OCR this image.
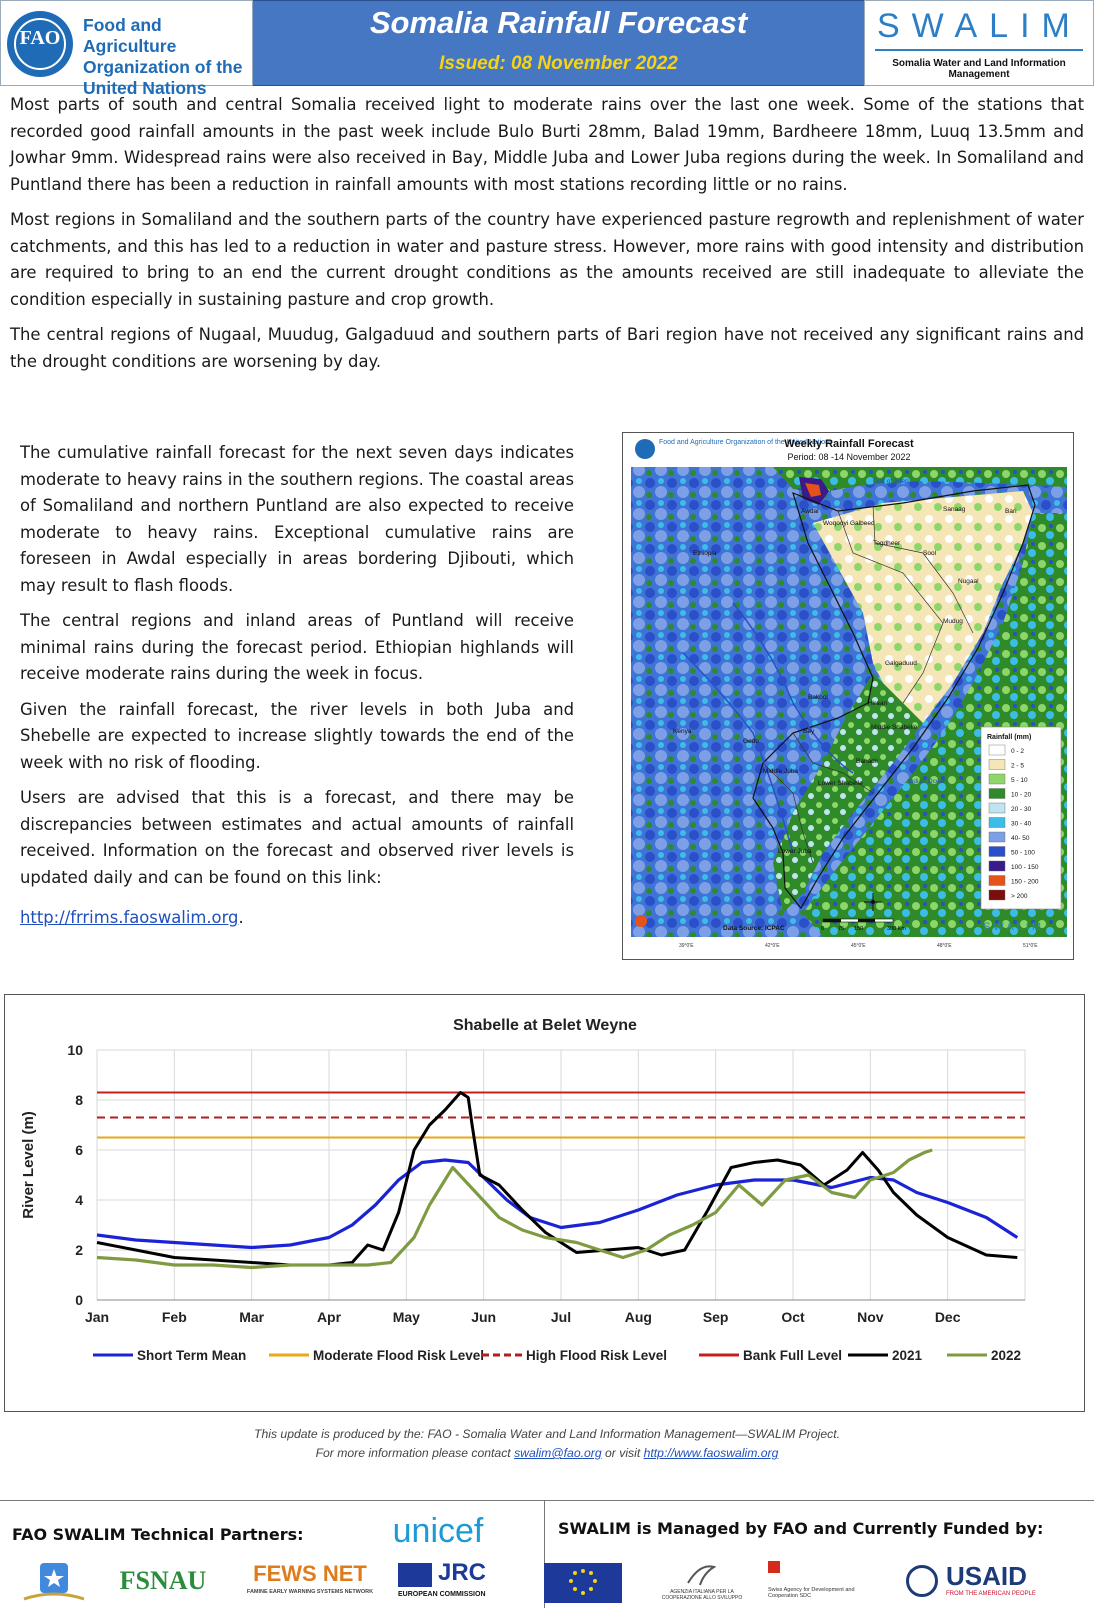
FAO
Food and Agriculture Organization of the United Nations
Somalia Rainfall Forecast
Issued: 08 November 2022
SWALIM
Somalia Water and Land Information Management

Most parts of south and central Somalia received light to moderate rains over the last one week. Some of the stations that recorded good rainfall amounts in the past week include Bulo Burti 28mm, Balad 19mm, Bardheere 18mm, Luuq 13.5mm and Jowhar 9mm. Widespread rains were also received in Bay, Middle Juba and Lower Juba regions during the week. In Somaliland and Puntland there has been a reduction in rainfall amounts with most stations recording little or no rains.

Most regions in Somaliland and the southern parts of the country have experienced pasture regrowth and replenishment of water catchments, and this has led to a reduction in water and pasture stress. However, more rains with good intensity and distribution are required to bring to an end the current drought conditions as the amounts received are still inadequate to alleviate the condition especially in sustaining pasture and crop growth.

The central regions of Nugaal, Muudug, Galgaduud and southern parts of Bari region have not received any significant rains and the drought conditions are worsening by day.

The cumulative rainfall forecast for the next seven days indicates moderate to heavy rains in the southern regions. The coastal areas of Somaliland and northern Puntland are also expected to receive moderate to heavy rains. Exceptional cumulative rains are foreseen in Awdal especially in areas bordering Djibouti, which may result to flash floods.

The central regions and inland areas of Puntland will receive minimal rains during the forecast period. Ethiopian highlands will receive moderate rains during the week in focus.

Given the rainfall forecast, the river levels in both Juba and Shebelle are expected to increase slightly towards the end of the week with no risk of flooding.

Users are advised that this is a forecast, and there may be discrepancies between estimates and actual amounts of rainfall received. Information on the forecast and observed river levels is updated daily and can be found on this link:

http://frrims.faoswalim.org.
Food and Agriculture Organization of the United Nations
Weekly Rainfall Forecast
Period: 08 -14 November 2022
Gulf of Aden
Awdal
Woqooyi Galbeed
Togdheer
Sanaag	Bari
Sool
Nugaal
Mudug
Galgaduud
Hiraan
Bakool
Bay
Gedo
Middle Juba
Lower Juba
Middle Shabelle
Lower Shabelle
Banadir
Indian Ocean
Ethiopia
Kenya
Rainfall (mm)
0 - 2
2 - 5
5 - 10
10 - 20
20 - 30
30 - 40
40- 50
50 - 100
100 - 150
150 - 200
> 200
Data Source: ICPAC	0	75 150	300 Km	SWALIM
39°0'E	42°0'E	45°0'E	48°0'E	51°0'E
Shabelle at Belet Weyne
River Level (m)
0
2
4
6
8
10
Jan	Feb	Mar	Apr	May	Jun	Jul	Aug	Sep	Oct	Nov	Dec
Short Term Mean	Moderate Flood Risk Level	High Flood Risk Level	Bank Full Level	2021	2022
This update is produced by the: FAO - Somalia Water and Land Information Management—SWALIM Project.
For more information please contact swalim@fao.org or visit http://www.faoswalim.org
FAO SWALIM Technical Partners:	SWALIM is Managed by FAO and Currently Funded by:
unicef
FSNAU	FEWS NET
FAMINE EARLY WARNING SYSTEMS NETWORK
JRC
EUROPEAN COMMISSION	AGENZIA ITALIANA PER LA COOPERAZIONE ALLO SVILUPPO
Swiss Agency for Development and Cooperation SDC
USAID
FROM THE AMERICAN PEOPLE
